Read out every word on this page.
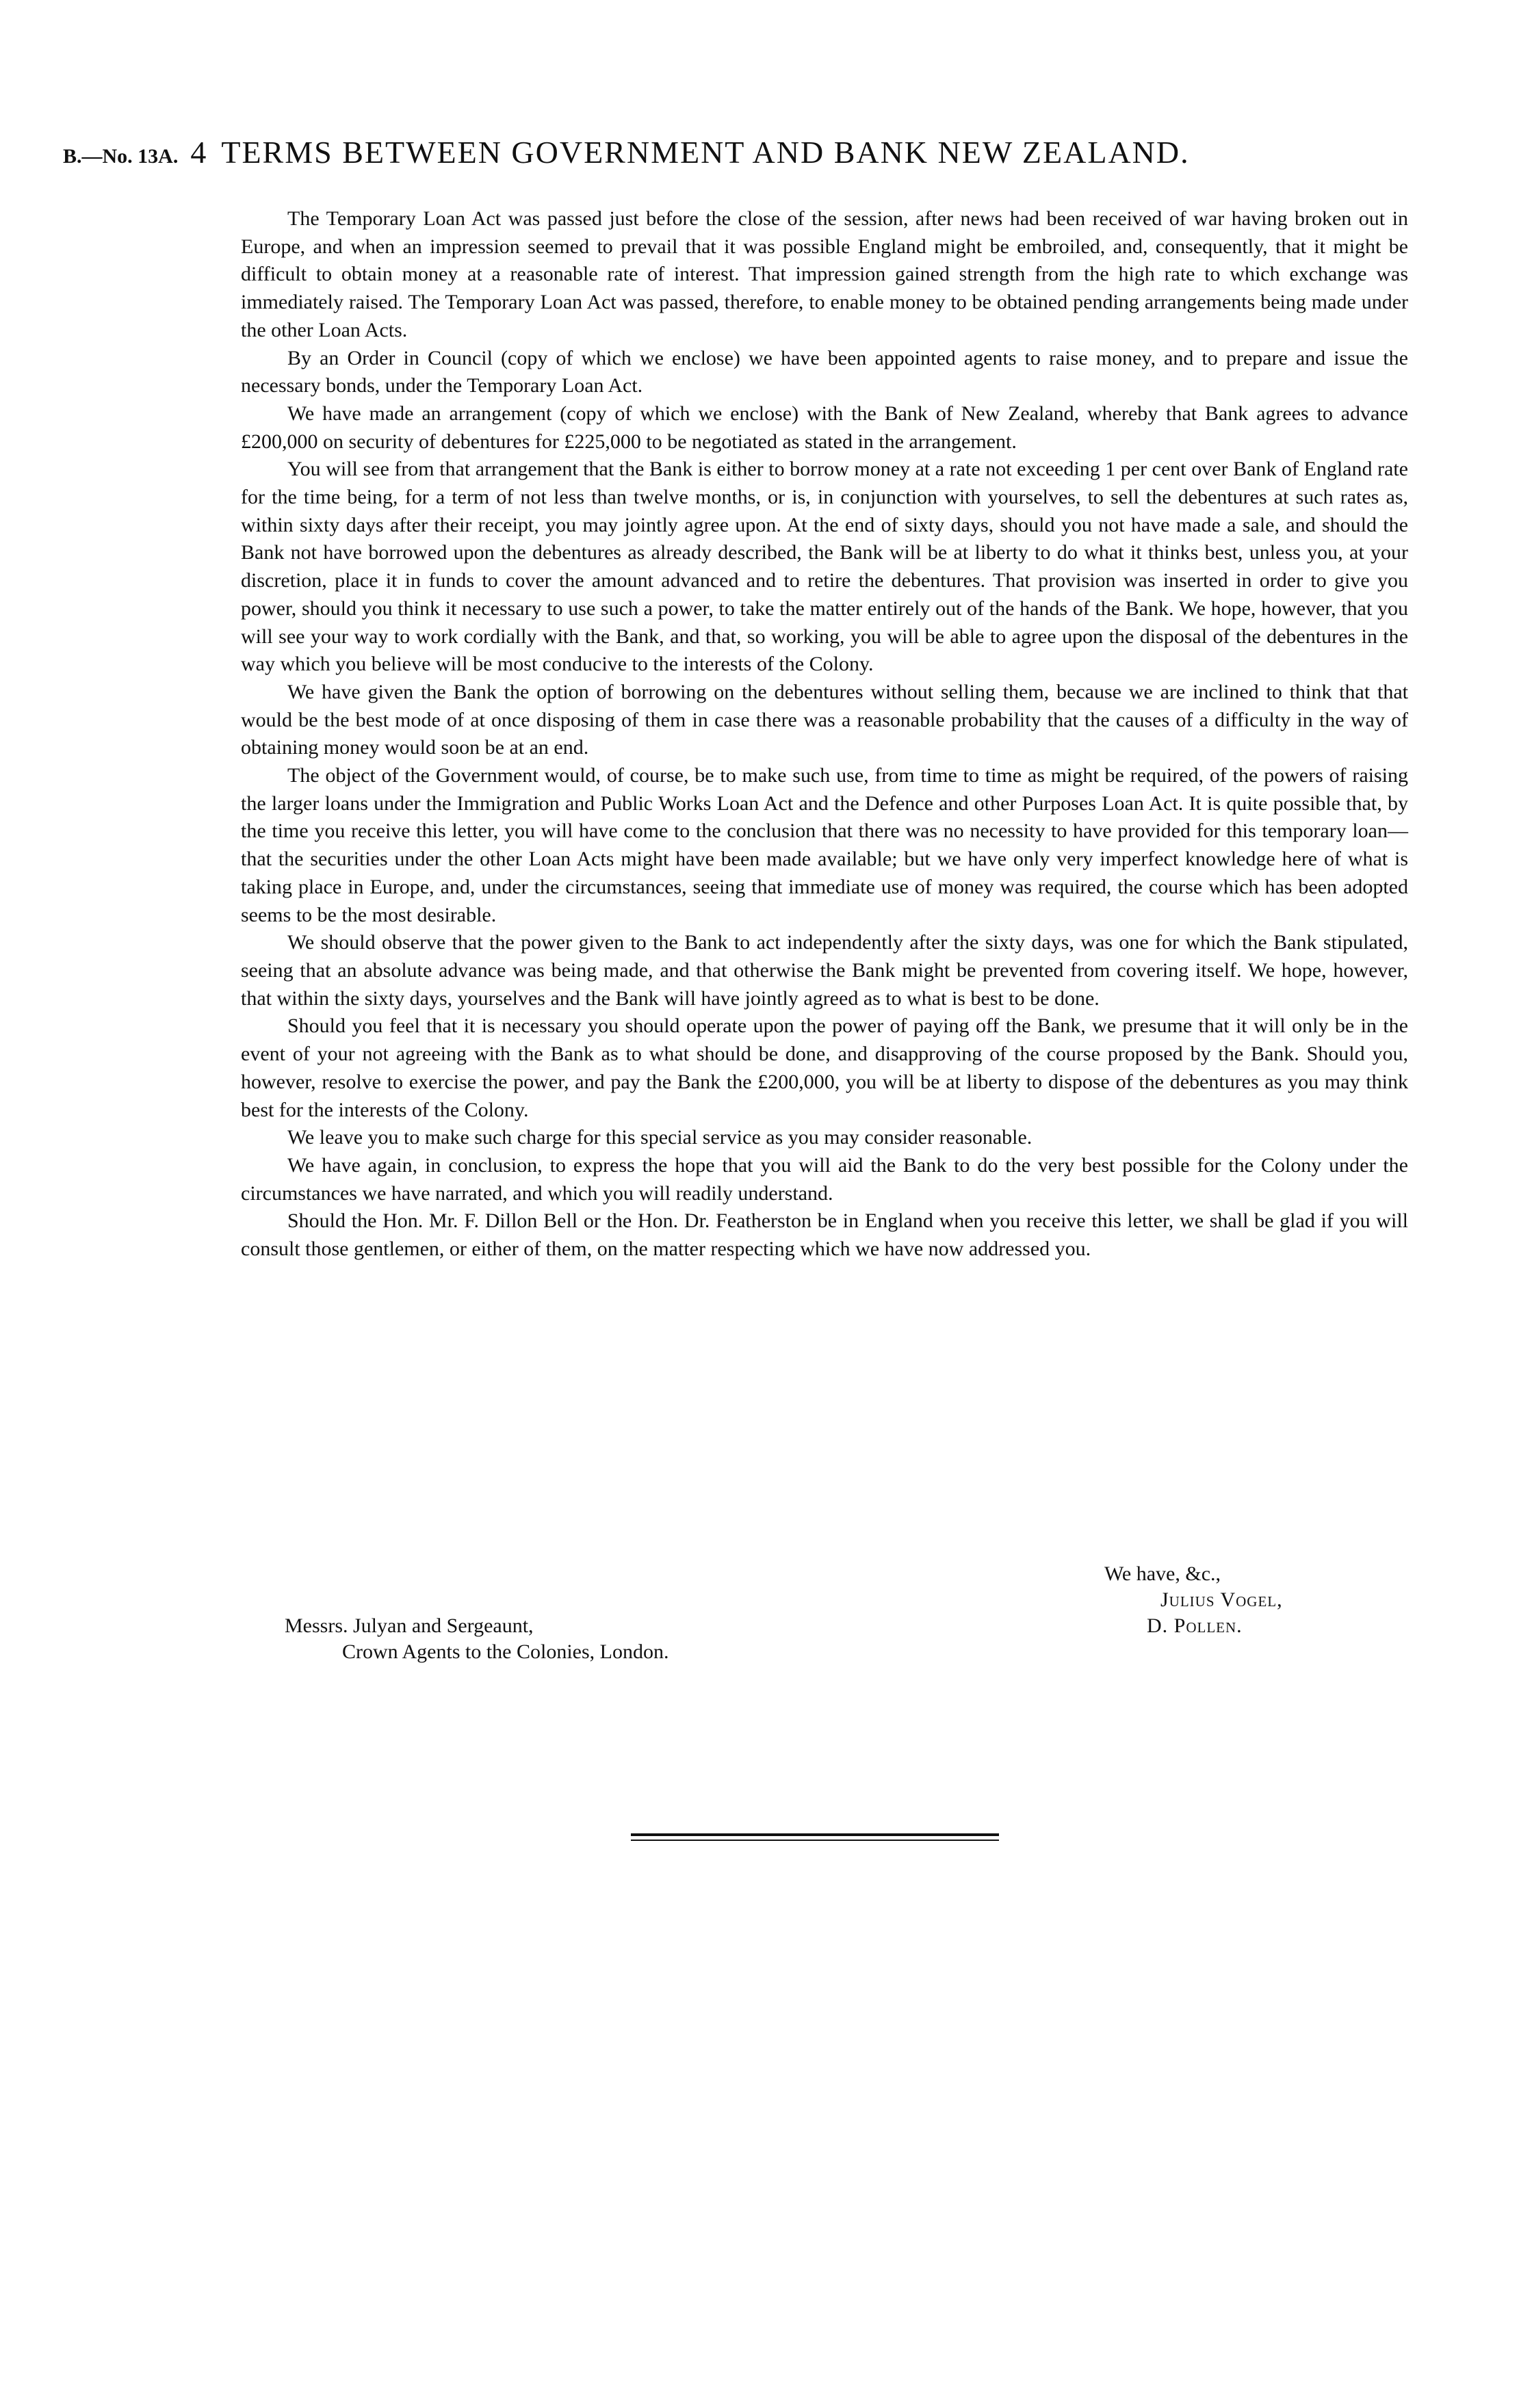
B.—No. 13A. 4 TERMS BETWEEN GOVERNMENT AND BANK NEW ZEALAND.

The Temporary Loan Act was passed just before the close of the session, after news had been received of war having broken out in Europe, and when an impression seemed to prevail that it was possible England might be embroiled, and, consequently, that it might be difficult to obtain money at a reasonable rate of interest. That impression gained strength from the high rate to which exchange was immediately raised. The Temporary Loan Act was passed, therefore, to enable money to be obtained pending arrangements being made under the other Loan Acts.

By an Order in Council (copy of which we enclose) we have been appointed agents to raise money, and to prepare and issue the necessary bonds, under the Temporary Loan Act.

We have made an arrangement (copy of which we enclose) with the Bank of New Zealand, whereby that Bank agrees to advance £200,000 on security of debentures for £225,000 to be negotiated as stated in the arrangement.

You will see from that arrangement that the Bank is either to borrow money at a rate not exceeding 1 per cent over Bank of England rate for the time being, for a term of not less than twelve months, or is, in conjunction with yourselves, to sell the debentures at such rates as, within sixty days after their receipt, you may jointly agree upon. At the end of sixty days, should you not have made a sale, and should the Bank not have borrowed upon the debentures as already described, the Bank will be at liberty to do what it thinks best, unless you, at your discretion, place it in funds to cover the amount advanced and to retire the debentures. That provision was inserted in order to give you power, should you think it necessary to use such a power, to take the matter entirely out of the hands of the Bank. We hope, however, that you will see your way to work cordially with the Bank, and that, so working, you will be able to agree upon the disposal of the debentures in the way which you believe will be most conducive to the interests of the Colony.

We have given the Bank the option of borrowing on the debentures without selling them, because we are inclined to think that that would be the best mode of at once disposing of them in case there was a reasonable probability that the causes of a difficulty in the way of obtaining money would soon be at an end.

The object of the Government would, of course, be to make such use, from time to time as might be required, of the powers of raising the larger loans under the Immigration and Public Works Loan Act and the Defence and other Purposes Loan Act. It is quite possible that, by the time you receive this letter, you will have come to the conclusion that there was no necessity to have provided for this temporary loan—that the securities under the other Loan Acts might have been made available; but we have only very imperfect knowledge here of what is taking place in Europe, and, under the circumstances, seeing that immediate use of money was required, the course which has been adopted seems to be the most desirable.

We should observe that the power given to the Bank to act independently after the sixty days, was one for which the Bank stipulated, seeing that an absolute advance was being made, and that otherwise the Bank might be prevented from covering itself. We hope, however, that within the sixty days, yourselves and the Bank will have jointly agreed as to what is best to be done.

Should you feel that it is necessary you should operate upon the power of paying off the Bank, we presume that it will only be in the event of your not agreeing with the Bank as to what should be done, and disapproving of the course proposed by the Bank. Should you, however, resolve to exercise the power, and pay the Bank the £200,000, you will be at liberty to dispose of the debentures as you may think best for the interests of the Colony.

We leave you to make such charge for this special service as you may consider reasonable.

We have again, in conclusion, to express the hope that you will aid the Bank to do the very best possible for the Colony under the circumstances we have narrated, and which you will readily understand.

Should the Hon. Mr. F. Dillon Bell or the Hon. Dr. Featherston be in England when you receive this letter, we shall be glad if you will consult those gentlemen, or either of them, on the matter respecting which we have now addressed you.

We have, &c.,
Julius Vogel,
D. Pollen.
Messrs. Julyan and Sergeaunt,
Crown Agents to the Colonies, London.
